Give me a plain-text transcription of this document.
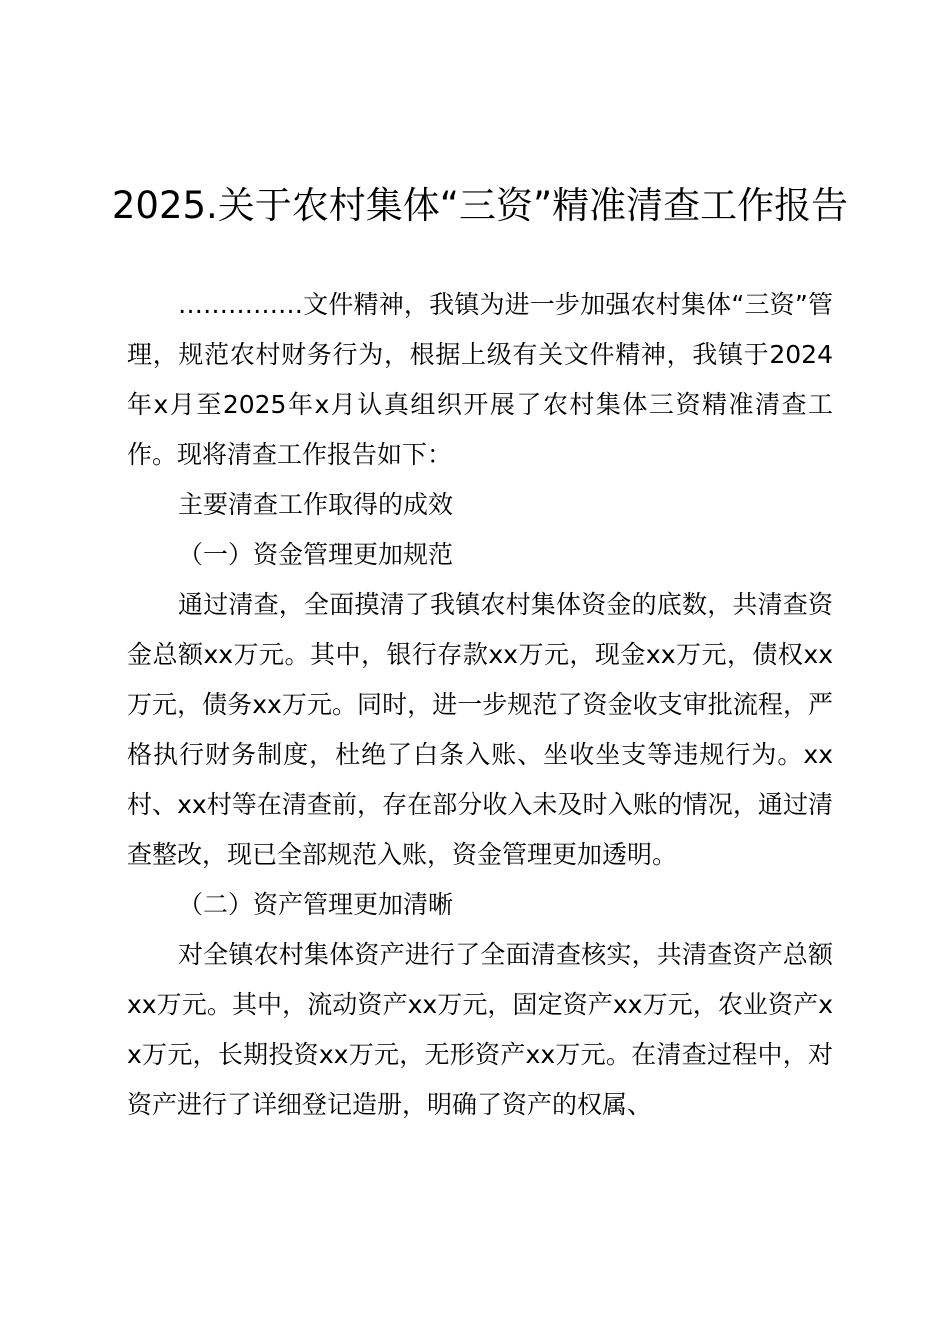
2025.关于农村集体“三资”精准清查工作报告

……………文件精神，我镇为进一步加强农村集体“三资”管理，规范农村财务行为，根据上级有关文件精神，我镇于2024年x月至2025年x月认真组织开展了农村集体三资精准清查工作。现将清查工作报告如下：

主要清查工作取得的成效

（一）资金管理更加规范

通过清查，全面摸清了我镇农村集体资金的底数，共清查资金总额xx万元。其中，银行存款xx万元，现金xx万元，债权xx万元，债务xx万元。同时，进一步规范了资金收支审批流程，严格执行财务制度，杜绝了白条入账、坐收坐支等违规行为。xx村、xx村等在清查前，存在部分收入未及时入账的情况，通过清查整改，现已全部规范入账，资金管理更加透明。

（二）资产管理更加清晰

对全镇农村集体资产进行了全面清查核实，共清查资产总额xx万元。其中，流动资产xx万元，固定资产xx万元，农业资产xx万元，长期投资xx万元，无形资产xx万元。在清查过程中，对资产进行了详细登记造册，明确了资产的权属、
